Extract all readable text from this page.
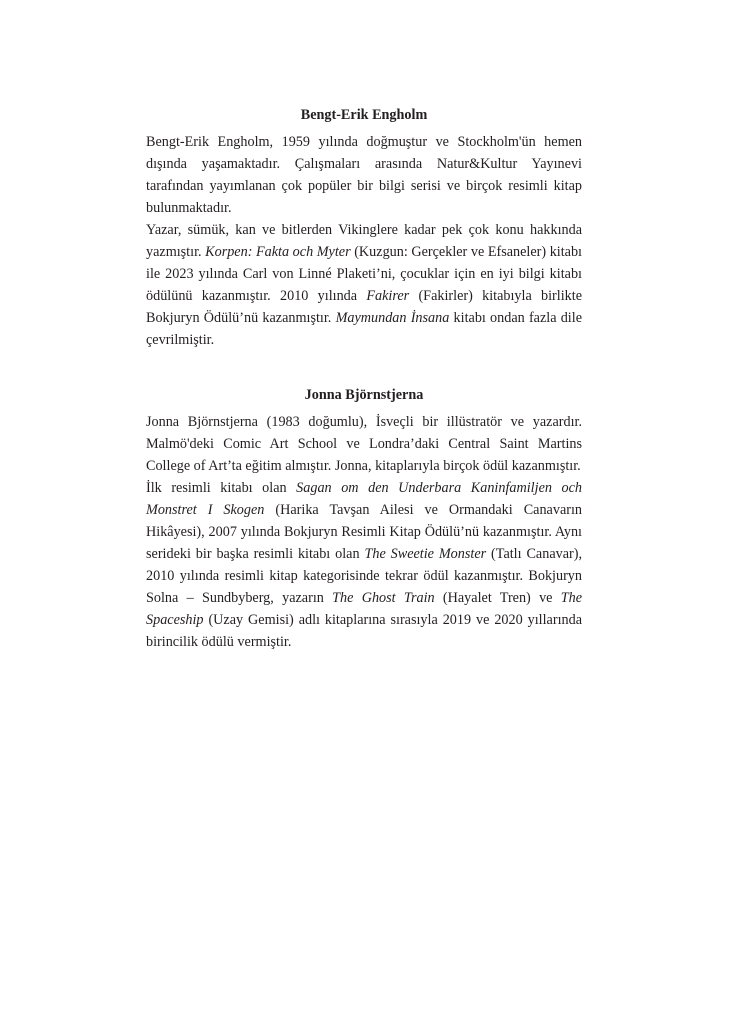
Bengt-Erik Engholm

Bengt-Erik Engholm, 1959 yılında doğmuştur ve Stockholm'ün hemen dışında yaşamaktadır. Çalışmaları arasında Natur&Kultur Yayınevi tarafından yayımlanan çok popüler bir bilgi serisi ve birçok resimli kitap bulunmaktadır.

Yazar, sümük, kan ve bitlerden Vikinglere kadar pek çok konu hakkında yazmıştır. Korpen: Fakta och Myter (Kuzgun: Gerçekler ve Efsaneler) kitabı ile 2023 yılında Carl von Linné Plaketi’ni, çocuklar için en iyi bilgi kitabı ödülünü kazanmıştır. 2010 yılında Fakirer (Fakirler) kitabıyla birlikte Bokjuryn Ödülü’nü kazanmıştır. Maymundan İnsana kitabı ondan fazla dile çevrilmiştir.

Jonna Björnstjerna

Jonna Björnstjerna (1983 doğumlu), İsveçli bir illüstratör ve yazardır. Malmö'deki Comic Art School ve Londra’daki Central Saint Martins College of Art’ta eğitim almıştır. Jonna, kitaplarıyla birçok ödül kazanmıştır.

İlk resimli kitabı olan Sagan om den Underbara Kaninfamiljen och Monstret I Skogen (Harika Tavşan Ailesi ve Ormandaki Canavarın Hikâyesi), 2007 yılında Bokjuryn Resimli Kitap Ödülü’nü kazanmıştır. Aynı serideki bir başka resimli kitabı olan The Sweetie Monster (Tatlı Canavar), 2010 yılında resimli kitap kategorisinde tekrar ödül kazanmıştır. Bokjuryn Solna – Sundbyberg, yazarın The Ghost Train (Hayalet Tren) ve The Spaceship (Uzay Gemisi) adlı kitaplarına sırasıyla 2019 ve 2020 yıllarında birincilik ödülü vermiştir.
